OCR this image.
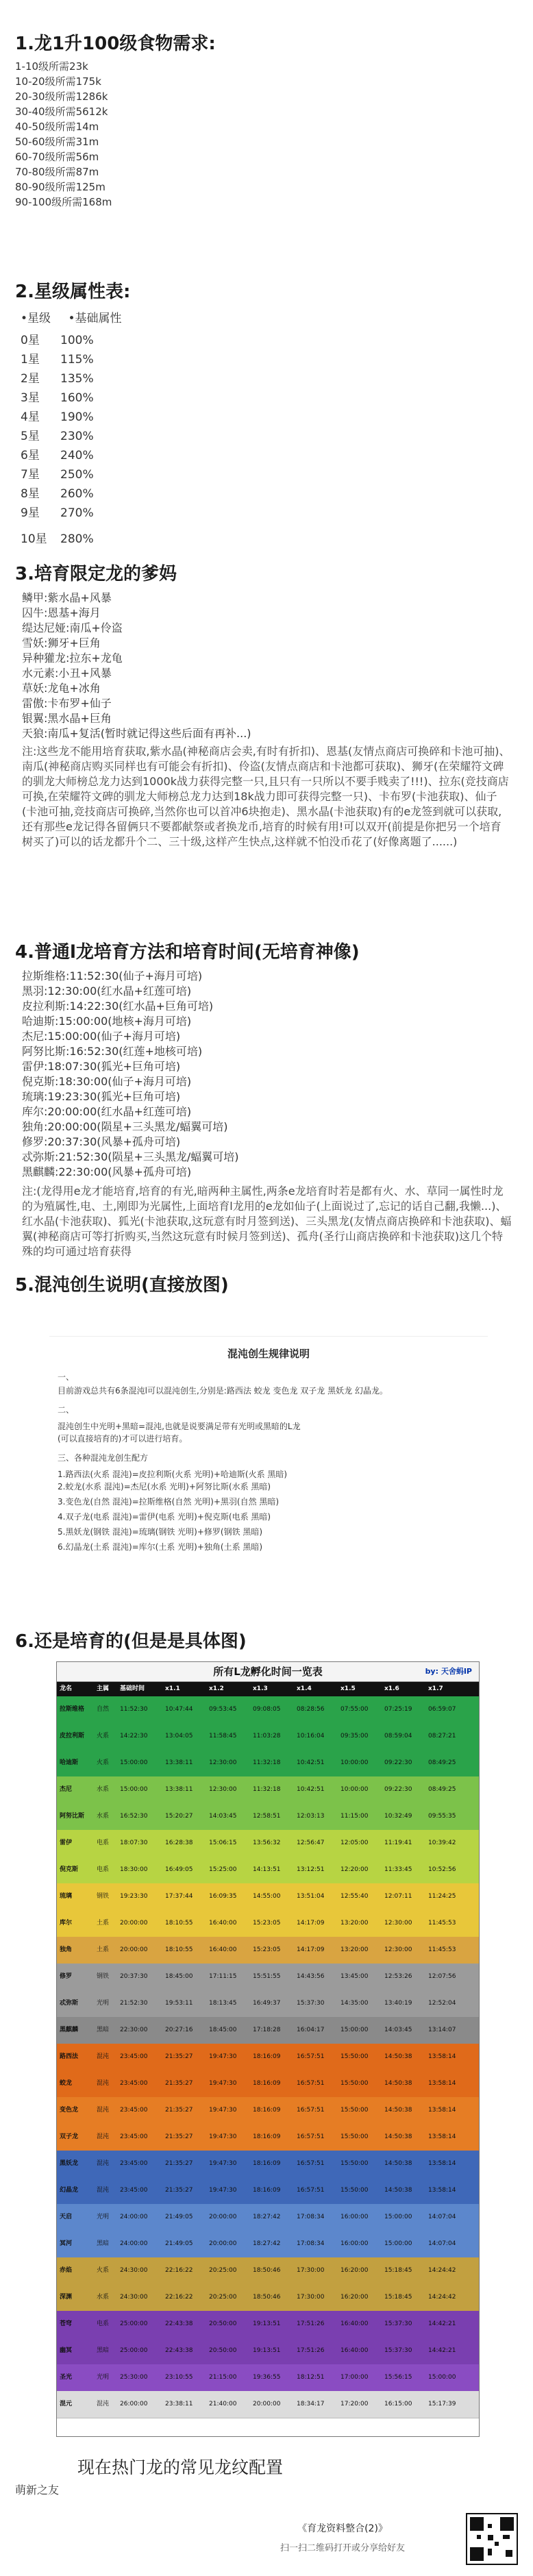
1.龙1升100级食物需求:
1-10级所需23k
10-20级所需175k
20-30级所需1286k
30-40级所需5612k
40-50级所需14m
50-60级所需31m
60-70级所需56m
70-80级所需87m
80-90级所需125m
90-100级所需168m
2.星级属性表:
• 星级 • 基础属性
0星 100%
1星 115%
2星 135%
3星 160%
4星 190%
5星 230%
6星 240%
7星 250%
8星 260%
9星 270%
10星 280%
3.培育限定龙的爹妈
鳞甲:紫水晶+风暴
囚牛:恩基+海月
缇达尼娅:南瓜+伶盗
雪妖:狮牙+巨角
异种獾龙:拉东+龙龟
水元素:小丑+风暴
草妖:龙龟+冰角
雷傲:卡布罗+仙子
银翼:黑水晶+巨角
天狼:南瓜+复活(暂时就记得这些后面有再补...)
注:这些龙不能用培育获取,紫水晶(神秘商店会卖,有时有折扣)、恩基(友情点商店可换碎和卡池可抽)、南瓜(神秘商店购买同样也有可能会有折扣)、伶盗(友情点商店和卡池都可获取)、狮牙(在荣耀符文碑的驯龙大师榜总龙力达到1000k战力获得完整一只,且只有一只所以不要手贱卖了!!!)、拉东(竞技商店可换,在荣耀符文碑的驯龙大师榜总龙力达到18k战力即可获得完整一只)、卡布罗(卡池获取)、仙子(卡池可抽,竞技商店可换碎,当然你也可以首冲6块抱走)、黑水晶(卡池获取)有的e龙签到就可以获取,还有那些e龙记得各留俩只不要都献祭或者换龙币,培育的时候有用!可以双开(前提是你把另一个培育树买了)可以的话龙都升个二、三十级,这样产生快点,这样就不怕没币花了(好像离题了......)
4.普通l龙培育方法和培育时间(无培育神像)
拉斯维格:11:52:30(仙子+海月可培)
黑羽:12:30:00(红水晶+红莲可培)
皮拉利斯:14:22:30(红水晶+巨角可培)
哈迪斯:15:00:00(地核+海月可培)
杰尼:15:00:00(仙子+海月可培)
阿努比斯:16:52:30(红莲+地核可培)
雷伊:18:07:30(狐光+巨角可培)
倪克斯:18:30:00(仙子+海月可培)
琉璃:19:23:30(狐光+巨角可培)
库尔:20:00:00(红水晶+红莲可培)
独角:20:00:00(陨星+三头黑龙/蝠翼可培)
修罗:20:37:30(风暴+孤舟可培)
忒弥斯:21:52:30(陨星+三头黑龙/蝠翼可培)
黑麒麟:22:30:00(风暴+孤舟可培)
注:(龙得用e龙才能培育,培育的有光,暗两种主属性,两条e龙培育时若是都有火、水、草同一属性时龙的为殖属性,电、土,刚即为光属性,上面培育l龙用的e龙如仙子(上面说过了,忘记的话自己翻,我懒...)、红水晶(卡池获取)、狐光(卡池获取,这玩意有时月签到送)、三头黑龙(友情点商店换碎和卡池获取)、蝠翼(神秘商店可等打折购买,当然这玩意有时候月签到送)、孤舟(圣行山商店换碎和卡池获取)这几个特殊的均可通过培育获得
5.混沌创生说明(直接放图)
混沌创生规律说明
一、
目前游戏总共有6条混沌l可以混沌创生,分别是:路西法 蛟龙 变色龙 双子龙 黑妖龙 幻晶龙。
二、
混沌创生中光明+黑暗=混沌,也就是说要满足带有光明或黑暗的L龙
(可以直接培育的)才可以进行培育。
三、各种混沌龙创生配方
1.路西法(火系 混沌)=皮拉利斯(火系 光明)+哈迪斯(火系 黑暗)
2.蛟龙(水系 混沌)=杰尼(水系 光明)+阿努比斯(水系 黑暗)
3.变色龙(自然 混沌)=拉斯维格(自然 光明)+黑羽(自然 黑暗)
4.双子龙(电系 混沌)=雷伊(电系 光明)+倪克斯(电系 黑暗)
5.黑妖龙(钢铁 混沌)=琉璃(钢铁 光明)+修罗(钢铁 黑暗)
6.幻晶龙(土系 混沌)=库尔(土系 光明)+独角(土系 黑暗)
6.还是培育的(但是是具体图)
所有L龙孵化时间一览表	by: 天舍蚂IP
龙名	主属 基础时间	x1.1	x1.2	x1.3	x1.4	x1.5	x1.6	x1.7
拉斯维格 自然 11:52:30	10:47:44	09:53:45	09:08:05	08:28:56	07:55:00	07:25:19	06:59:07
皮拉利斯 火系 14:22:30	13:04:05	11:58:45	11:03:28	10:16:04	09:35:00	08:59:04	08:27:21
哈迪斯	火系 15:00:00	13:38:11	12:30:00	11:32:18	10:42:51	10:00:00	09:22:30	08:49:25
杰尼	水系 15:00:00	13:38:11	12:30:00	11:32:18	10:42:51	10:00:00	09:22:30	08:49:25
阿努比斯 水系 16:52:30	15:20:27	14:03:45	12:58:51	12:03:13	11:15:00	10:32:49	09:55:35
雷伊	电系 18:07:30	16:28:38	15:06:15	13:56:32	12:56:47	12:05:00	11:19:41	10:39:42
倪克斯	电系 18:30:00	16:49:05	15:25:00	14:13:51	13:12:51	12:20:00	11:33:45	10:52:56
琉璃	钢铁 19:23:30	17:37:44	16:09:35	14:55:00	13:51:04	12:55:40	12:07:11	11:24:25
库尔	土系 20:00:00	18:10:55	16:40:00	15:23:05	14:17:09	13:20:00	12:30:00	11:45:53
独角	土系 20:00:00	18:10:55	16:40:00	15:23:05	14:17:09	13:20:00	12:30:00	11:45:53
修罗	钢铁 20:37:30	18:45:00	17:11:15	15:51:55	14:43:56	13:45:00	12:53:26	12:07:56
忒弥斯	光明 21:52:30	19:53:11	18:13:45	16:49:37	15:37:30	14:35:00	13:40:19	12:52:04
黑麒麟	黑暗 22:30:00	20:27:16	18:45:00	17:18:28	16:04:17	15:00:00	14:03:45	13:14:07
路西法	混沌 23:45:00	21:35:27	19:47:30	18:16:09	16:57:51	15:50:00	14:50:38	13:58:14
蛟龙	混沌 23:45:00	21:35:27	19:47:30	18:16:09	16:57:51	15:50:00	14:50:38	13:58:14
变色龙	混沌 23:45:00	21:35:27	19:47:30	18:16:09	16:57:51	15:50:00	14:50:38	13:58:14
双子龙	混沌 23:45:00	21:35:27	19:47:30	18:16:09	16:57:51	15:50:00	14:50:38	13:58:14
黑妖龙	混沌 23:45:00	21:35:27	19:47:30	18:16:09	16:57:51	15:50:00	14:50:38	13:58:14
幻晶龙	混沌 23:45:00	21:35:27	19:47:30	18:16:09	16:57:51	15:50:00	14:50:38	13:58:14
天启	光明 24:00:00	21:49:05	20:00:00	18:27:42	17:08:34	16:00:00	15:00:00	14:07:04
冥河	黑暗 24:00:00	21:49:05	20:00:00	18:27:42	17:08:34	16:00:00	15:00:00	14:07:04
赤焰	火系 24:30:00	22:16:22	20:25:00	18:50:46	17:30:00	16:20:00	15:18:45	14:24:42
深渊	水系 24:30:00	22:16:22	20:25:00	18:50:46	17:30:00	16:20:00	15:18:45	14:24:42
苍穹	电系 25:00:00	22:43:38	20:50:00	19:13:51	17:51:26	16:40:00	15:37:30	14:42:21
幽冥	黑暗 25:00:00	22:43:38	20:50:00	19:13:51	17:51:26	16:40:00	15:37:30	14:42:21
圣光	光明 25:30:00	23:10:55	21:15:00	19:36:55	18:12:51	17:00:00	15:56:15	15:00:00
混元	混沌 26:00:00	23:38:11	21:40:00	20:00:00	18:34:17	17:20:00	16:15:00	15:17:39
现在热门龙的常见龙纹配置
萌新之友
《育龙资料整合(2)》
扫一扫二维码打开或分享给好友
